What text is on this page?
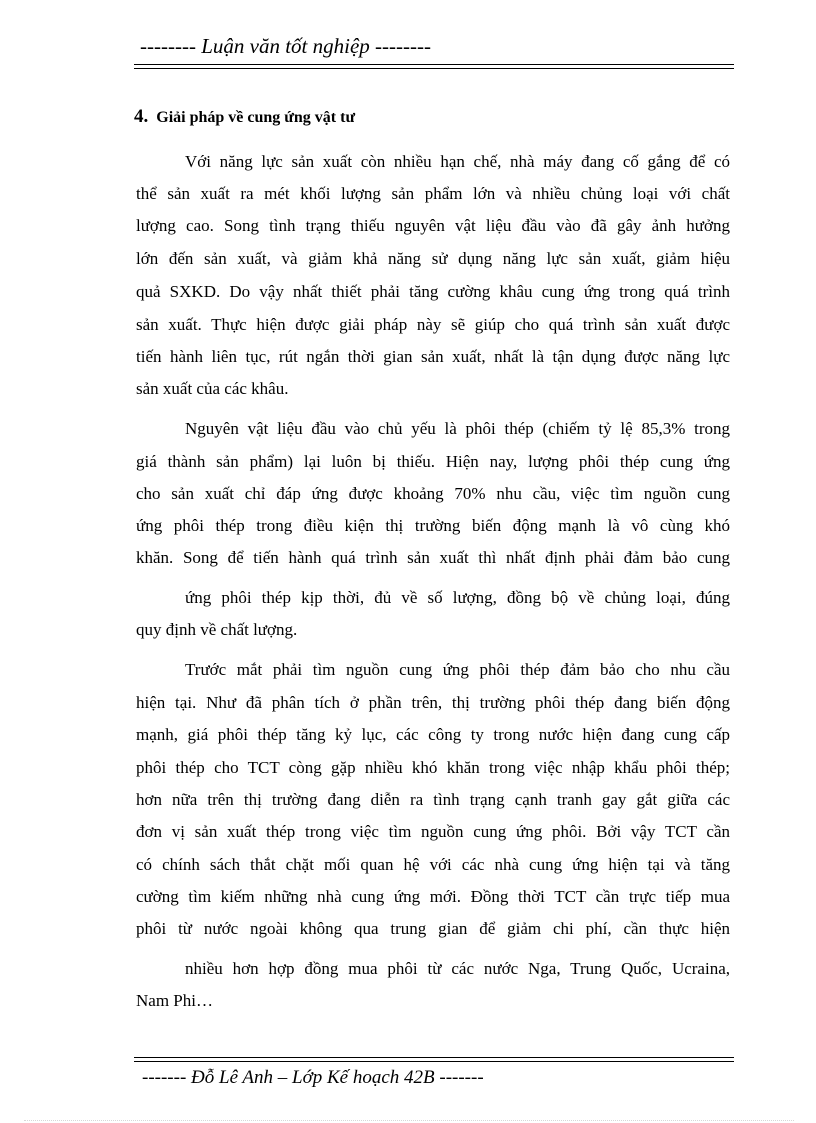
-------- Luận văn tốt nghiệp --------
4. Giải pháp về cung ứng vật tư
Với năng lực sản xuất còn nhiều hạn chế, nhà máy đang cố gắng để có
thể sản xuất ra mét khối lượng sản phẩm lớn và nhiều chủng loại với chất
lượng cao. Song tình trạng thiếu nguyên vật liệu đầu vào đã gây ảnh hưởng
lớn đến sản xuất, và giảm khả năng sử dụng năng lực sản xuất, giảm hiệu
quả SXKD. Do vậy nhất thiết phải tăng cường khâu cung ứng trong quá trình
sản xuất. Thực hiện được giải pháp này sẽ giúp cho quá trình sản xuất được
tiến hành liên tục, rút ngắn thời gian sản xuất, nhất là tận dụng được năng lực
sản xuất của các khâu.
Nguyên vật liệu đầu vào chủ yếu là phôi thép (chiếm tỷ lệ 85,3% trong
giá thành sản phẩm) lại luôn bị thiếu. Hiện nay, lượng phôi thép cung ứng
cho sản xuất chỉ đáp ứng được khoảng 70% nhu cầu, việc tìm nguồn cung
ứng phôi thép trong điều kiện thị trường biến động mạnh là vô cùng khó
khăn. Song để tiến hành quá trình sản xuất thì nhất định phải đảm bảo cung
ứng phôi thép kịp thời, đủ về số lượng, đồng bộ về chủng loại, đúng
quy định về chất lượng.
Trước mắt phải tìm nguồn cung ứng phôi thép đảm bảo cho nhu cầu
hiện tại. Như đã phân tích ở phần trên, thị trường phôi thép đang biến động
mạnh, giá phôi thép tăng kỷ lục, các công ty trong nước hiện đang cung cấp
phôi thép cho TCT còng gặp nhiều khó khăn trong việc nhập khẩu phôi thép;
hơn nữa trên thị trường đang diễn ra tình trạng cạnh tranh gay gắt giữa các
đơn vị sản xuất thép trong việc tìm nguồn cung ứng phôi. Bởi vậy TCT cần
có chính sách thắt chặt mối quan hệ với các nhà cung ứng hiện tại và tăng
cường tìm kiếm những nhà cung ứng mới. Đồng thời TCT cần trực tiếp mua
phôi từ nước ngoài không qua trung gian để giảm chi phí, cần thực hiện
nhiều hơn hợp đồng mua phôi từ các nước Nga, Trung Quốc, Ucraina,
Nam Phi…
------- Đỗ Lê Anh – Lớp Kế hoạch 42B -------
